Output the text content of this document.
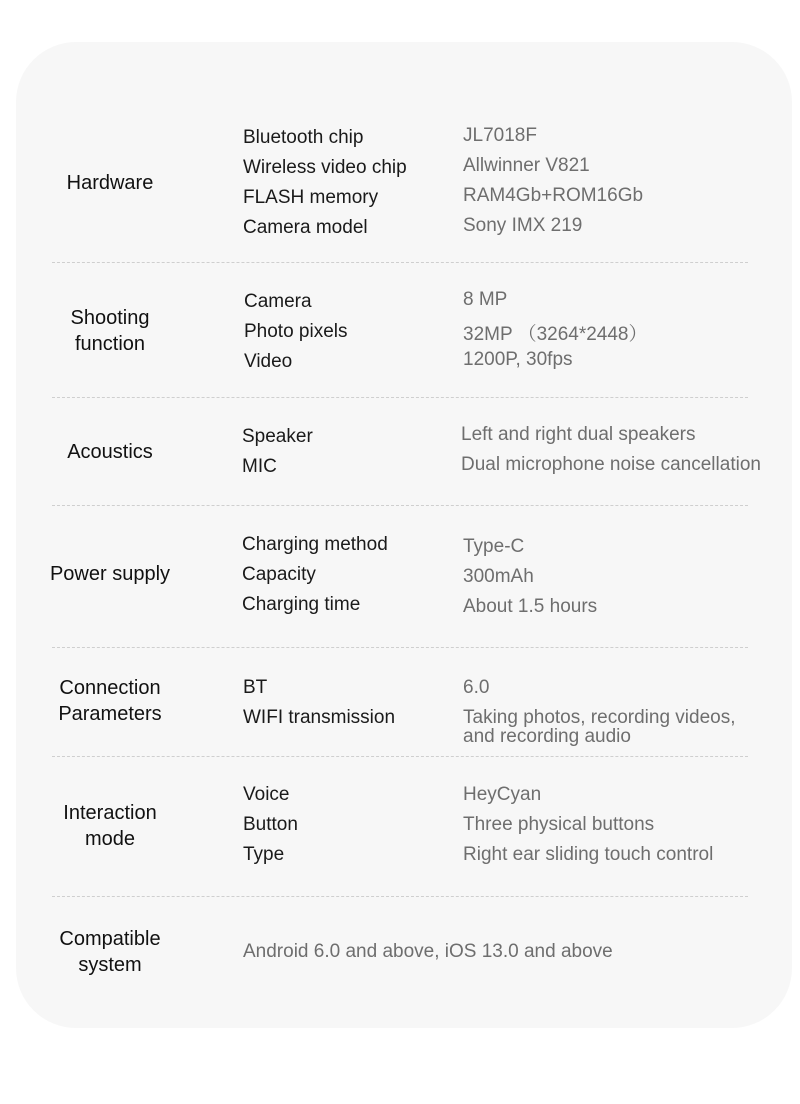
Hardware
Bluetooth chip	JL7018F
Wireless video chip	Allwinner V821
FLASH memory	RAM4Gb+ROM16Gb
Camera model	Sony IMX 219
Shooting
function
Camera	8 MP
Photo pixels	32MP （3264*2448）
Video	1200P, 30fps
Acoustics
Speaker	Left and right dual speakers
MIC	Dual microphone noise cancellation
Power supply
Charging method	Type-C
Capacity	300mAh
Charging time	About 1.5 hours
Connection
Parameters
BT	6.0
WIFI transmission	Taking photos, recording videos,
and recording audio
Interaction
mode
Voice	HeyCyan
Button	Three physical buttons
Type	Right ear sliding touch control
Compatible
system
Android 6.0 and above, iOS 13.0 and above
